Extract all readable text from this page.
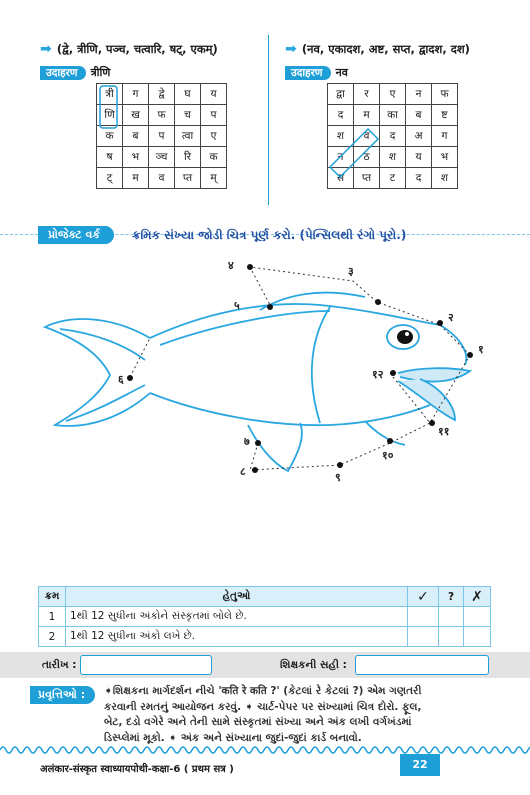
➡ (द्वे, त्रीणि, पञ्च, चत्वारि, षट्, एकम्)
उदाहरण त्रीणि
त्री	ग	द्वे	घ	य
णि	ख	फ	च	प
क	ब	प	त्वा	ए
ष	भ	ञ्च	रि	क
ट्	म	व	प्त	म्
➡ (नव, एकादश, अष्ट, सप्त, द्वादश, दश)
उदाहरण नव
द्वा	र	ए	न	फ
द	म	का	ब	ष्ट
श	व	द	अ	ग
न	ठ	श	य	भ
स	प्त	ट	द	श
પ્રોજેક્ટ વર્ક	ક્રમિક સંખ્યા જોડી ચિત્ર પૂર્ણ કરો. (પેન્સિલથી રંગો પૂરો.)
१
२
३
४
५
६
७
८	९
१०
११
१२
ક્રમ	હેતુઓ	✓	?	✗
1	1થી 12 સુધીના અંકોને સંસ્કૃતમાં બોલે છે.			
2	1થી 12 સુધીના અંકો લખે છે.			
તારીખ :	શિક્ષકની સહી :
પ્રવૃત્તિઓ :	➧શિક્ષકના માર્ગદર્શન નીચે 'कति रे कति ?' (કેટલાં રે કેટલાં ?) એમ ગણતરી
કરવાની રમતનું આયોજન કરવું. ➧ ચાર્ટ-પેપર પર સંખ્યામાં ચિત્ર દોરો. ફૂલ,
બેટ, દડો વગેરે અને તેની સામે સંસ્કૃતમાં સંખ્યા અને અંક લખી વર્ગખંડમાં
ડિસ્પ્લેમાં મૂકો. ➧ અંક અને સંખ્યાના જુદાં-જુદાં કાર્ડ બનાવો.
अलंकार-संस्कृत स्वाध्यायपोथी-कक्षा-6 ( प्रथम सत्र )	22
